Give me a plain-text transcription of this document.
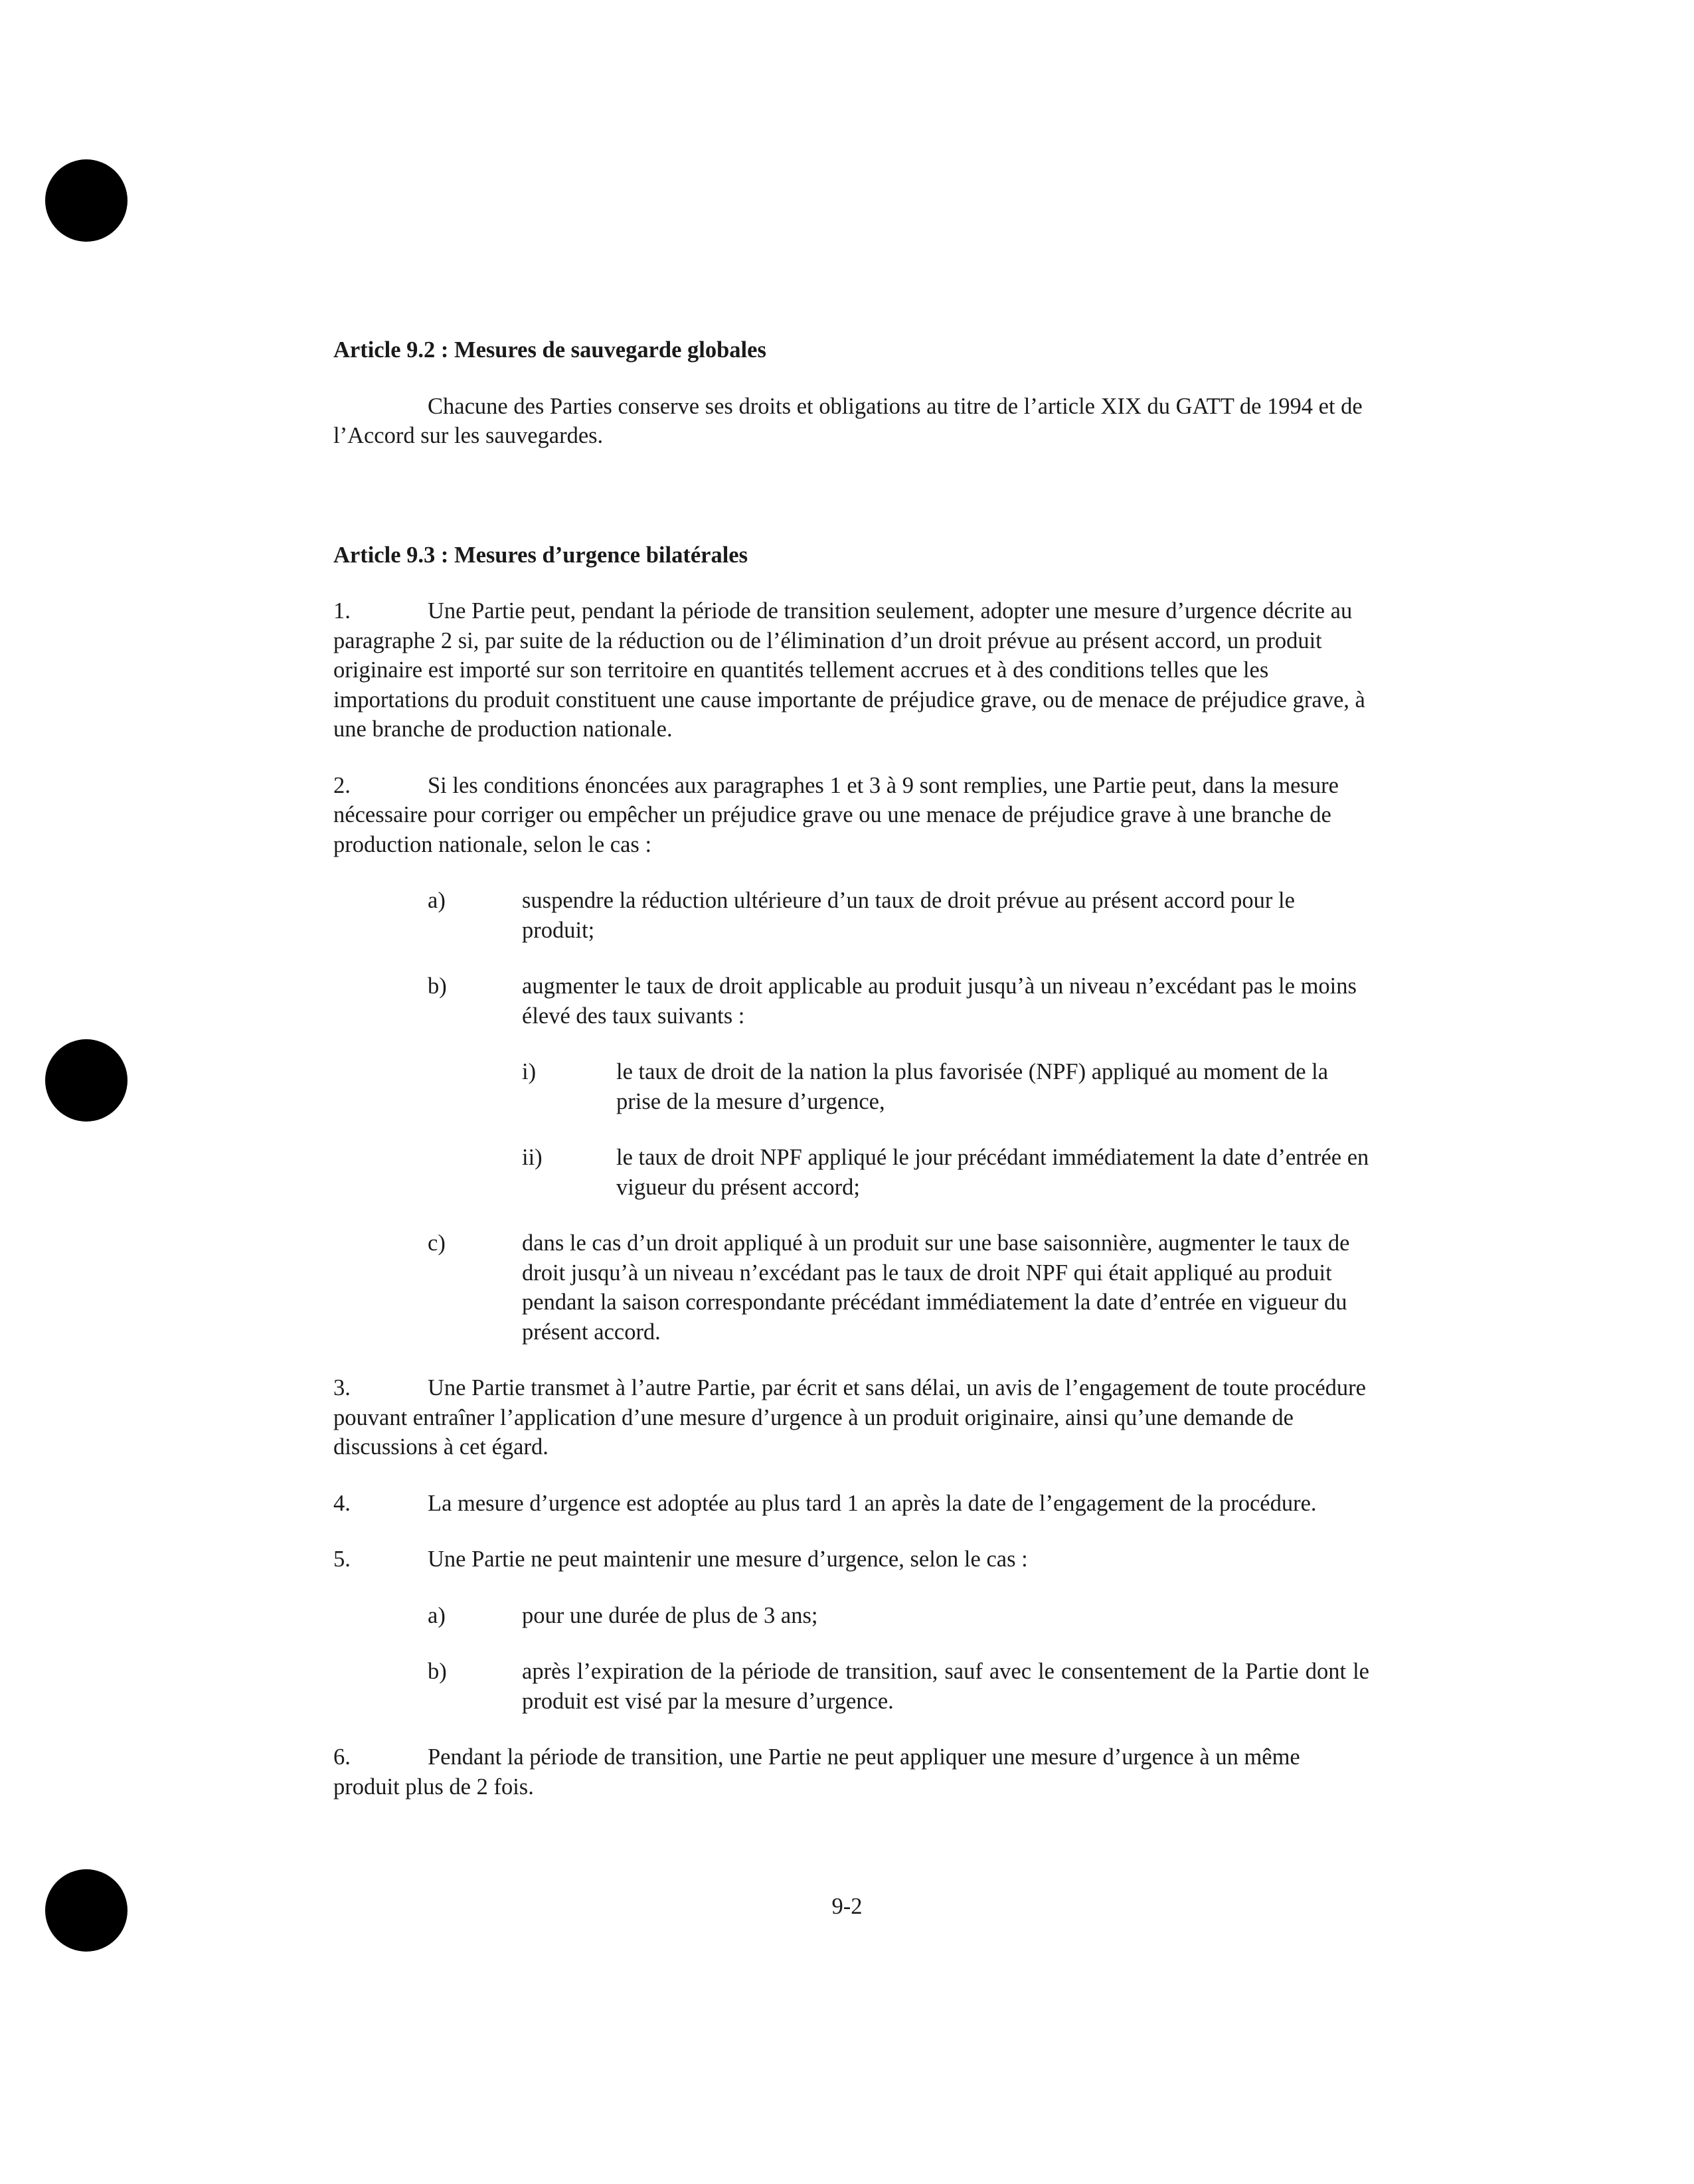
Article 9.2 : Mesures de sauvegarde globales

Chacune des Parties conserve ses droits et obligations au titre de l’article XIX du GATT de 1994 et de l’Accord sur les sauvegardes.

Article 9.3 : Mesures d’urgence bilatérales

1.	Une Partie peut, pendant la période de transition seulement, adopter une mesure d’urgence décrite au paragraphe 2 si, par suite de la réduction ou de l’élimination d’un droit prévue au présent accord, un produit originaire est importé sur son territoire en quantités tellement accrues et à des conditions telles que les importations du produit constituent une cause importante de préjudice grave, ou de menace de préjudice grave, à une branche de production nationale.

2.	Si les conditions énoncées aux paragraphes 1 et 3 à 9 sont remplies, une Partie peut, dans la mesure nécessaire pour corriger ou empêcher un préjudice grave ou une menace de préjudice grave à une branche de production nationale, selon le cas :

a)	suspendre la réduction ultérieure d’un taux de droit prévue au présent accord pour le produit;
b)	augmenter le taux de droit applicable au produit jusqu’à un niveau n’excédant pas le moins élevé des taux suivants :
i)	le taux de droit de la nation la plus favorisée (NPF) appliqué au moment de la prise de la mesure d’urgence,
ii)	le taux de droit NPF appliqué le jour précédant immédiatement la date d’entrée en vigueur du présent accord;
c)	dans le cas d’un droit appliqué à un produit sur une base saisonnière, augmenter le taux de droit jusqu’à un niveau n’excédant pas le taux de droit NPF qui était appliqué au produit pendant la saison correspondante précédant immédiatement la date d’entrée en vigueur du présent accord.

3.	Une Partie transmet à l’autre Partie, par écrit et sans délai, un avis de l’engagement de toute procédure pouvant entraîner l’application d’une mesure d’urgence à un produit originaire, ainsi qu’une demande de discussions à cet égard.

4.	La mesure d’urgence est adoptée au plus tard 1 an après la date de l’engagement de la procédure.

5.	Une Partie ne peut maintenir une mesure d’urgence, selon le cas :

a)	pour une durée de plus de 3 ans;
b)	après l’expiration de la période de transition, sauf avec le consentement de la Partie dont le produit est visé par la mesure d’urgence.

6.	Pendant la période de transition, une Partie ne peut appliquer une mesure d’urgence à un même produit plus de 2 fois.

9-2
